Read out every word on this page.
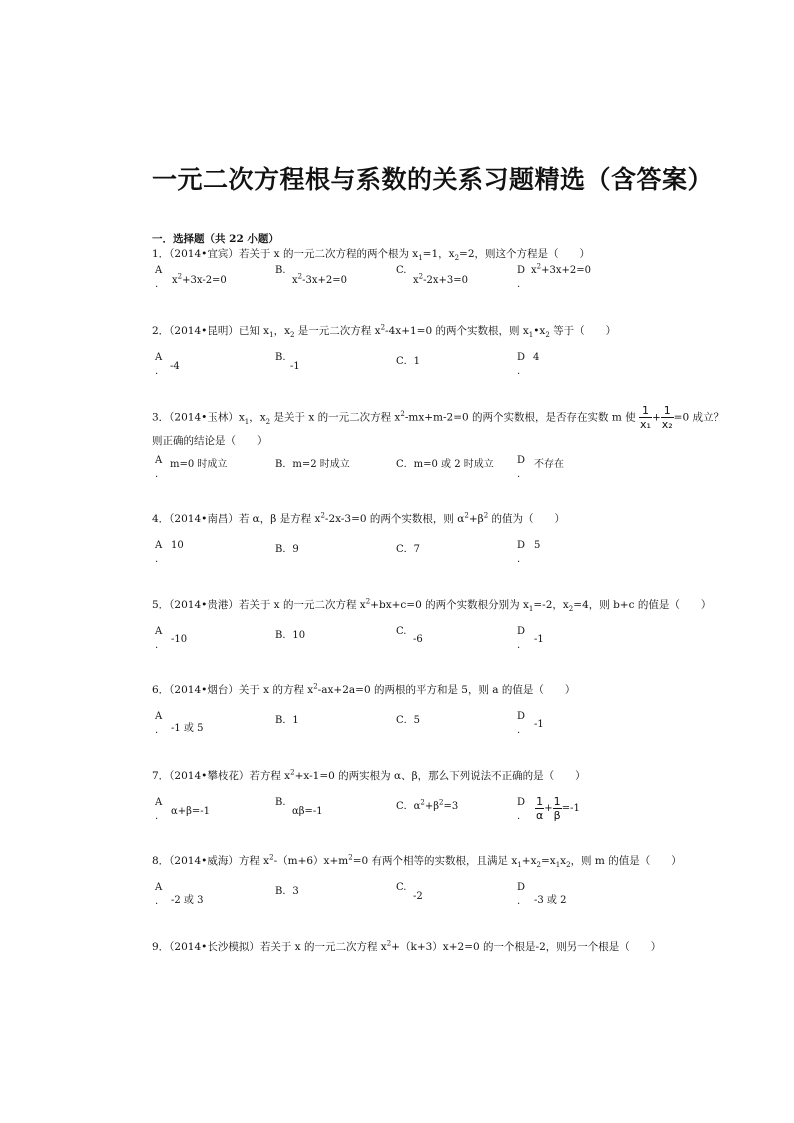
一元二次方程根与系数的关系习题精选（含答案）
一．选择题（共 22 小题）
1．（2014•宜宾）若关于 x 的一元二次方程的两个根为 $x_1=1$，$x_2=2$，则这个方程是（　　）
A
. $x^2+3x-2=0$
B.
$x^2-3x+2=0$
C.
$x^2-2x+3=0$
D
.
$x^2+3x+2=0$
2．（2014•昆明）已知 $x_1$，$x_2$ 是一元二次方程 $x^2-4x+1=0$ 的两个实数根，则 $x_1•x_2$ 等于（　　）
A
. -4
B.
-1	C．1	D
.
4
3．（2014•玉林）$x_1$，$x_2$ 是关于 x 的一元二次方程 $x^2-mx+m-2=0$ 的两个实数根，是否存在实数 m 使 $\frac{1}{\text{x₁}} + \frac{1}{\text{x₂}} =0$ 成立？
则正确的结论是（　　）
A
.
m=0 时成立	B．m=2 时成立	C．m=0 或 2 时成立 D
.
不存在
4．（2014•南昌）若 α，β 是方程 $x^2-2x-3=0$ 的两个实数根，则 $\alpha^2+\beta^2$ 的值为（　　）
A
.
10	B．9	C．7	D
.
5
5．（2014•贵港）若关于 x 的一元二次方程 $x^2+bx+c=0$ 的两个实数根分别为 $x_1=-2$，$x_2=4$，则 b+c 的值是（　　）
A
.
-10	B．10	C.
-6
D
.
-1
6．（2014•烟台）关于 x 的方程 $x^2-ax+2a=0$ 的两根的平方和是 5，则 a 的值是（　　）
A
. -1 或 5
B．1	C．5	D
.
-1
7．（2014•攀枝花）若方程 $x^2+x-1=0$ 的两实根为 α、β，那么下列说法不正确的是（　　）
A
. α+β=-1
B.
αβ=-1	C．$\alpha^2+\beta^2=3$	D
. $\frac{1}{\alpha} + \frac{1}{\beta} =-1$
8．（2014•威海）方程 $x^2-(m+6)x+m^2=0$ 有两个相等的实数根，且满足 $x_1+x_2=x_1x_2$，则 m 的值是（　　）
A
. -2 或 3
B．3	C.
-2
D
. -3 或 2
9．（2014•长沙模拟）若关于 x 的一元二次方程 $x^2+(k+3)x+2=0$ 的一个根是-2，则另一个根是（　　）
